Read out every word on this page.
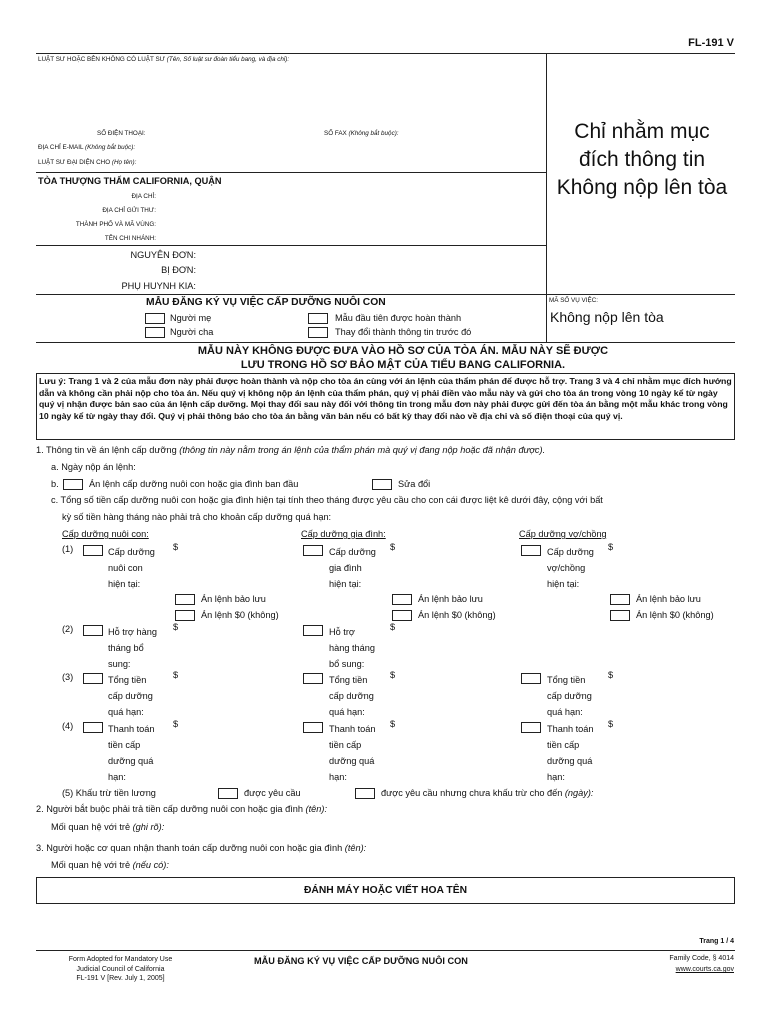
FL-191 V
LUẬT SƯ HOẶC BÊN KHÔNG CÓ LUẬT SƯ (Tên, Số luật sư đoàn tiểu bang, và địa chỉ):
SỐ ĐIỆN THOẠI:	SỐ FAX (Không bắt buộc):
ĐỊA CHỈ E-MAIL (Không bắt buộc):
LUẬT SƯ ĐẠI DIỆN CHO (Họ tên):
TÒA THƯỢNG THẨM CALIFORNIA, QUẬN
ĐỊA CHỈ:
ĐỊA CHỈ GỬI THƯ:
THÀNH PHỐ VÀ MÃ VÙNG:
TÊN CHI NHÁNH:
NGUYÊN ĐƠN:
BỊ ĐƠN:
PHỤ HUYNH KIA:
Chỉ nhằm mục
đích thông tin
Không nộp lên tòa
MÃ SỐ VỤ VIỆC:
Không nộp lên tòa
MẪU ĐĂNG KÝ VỤ VIỆC CẤP DƯỠNG NUÔI CON
Người mẹ
Người cha
Mẫu đầu tiên được hoàn thành
Thay đổi thành thông tin trước đó
MẪU NÀY KHÔNG ĐƯỢC ĐƯA VÀO HỒ SƠ CỦA TÒA ÁN. MẪU NÀY SẼ ĐƯỢC
LƯU TRONG HỒ SƠ BẢO MẬT CỦA TIỂU BANG CALIFORNIA.
Lưu ý: Trang 1 và 2 của mẫu đơn này phải được hoàn thành và nộp cho tòa án cùng với án lệnh của thẩm phán để được hỗ trợ. Trang 3 và 4 chỉ nhằm mục đích hướng dẫn và không cần phải nộp cho tòa án. Nếu quý vị không nộp án lệnh của thẩm phán, quý vị phải điền vào mẫu này và gửi cho tòa án trong vòng 10 ngày kể từ ngày quý vị nhận được bản sao của án lệnh cấp dưỡng. Mọi thay đổi sau này đối với thông tin trong mẫu đơn này phải được gửi đến tòa án bằng một mẫu khác trong vòng 10 ngày kể từ ngày thay đổi. Quý vị phải thông báo cho tòa án bằng văn bản nếu có bất kỳ thay đổi nào về địa chỉ và số điện thoại của quý vị.
1. Thông tin về án lệnh cấp dưỡng (thông tin này nằm trong án lệnh của thẩm phán mà quý vị đang nộp hoặc đã nhận được).
a. Ngày nộp án lệnh:
b.	Án lệnh cấp dưỡng nuôi con hoặc gia đình ban đầu	Sửa đổi
c. Tổng số tiền cấp dưỡng nuôi con hoặc gia đình hiện tại tính theo tháng được yêu cầu cho con cái được liệt kê dưới đây, cộng với bất
kỳ số tiền hàng tháng nào phải trả cho khoản cấp dưỡng quá hạn:
Cấp dưỡng nuôi con:	Cấp dưỡng gia đình:	Cấp dưỡng vợ/chồng
(1)	Cấp dưỡng
nuôi con
hiện tại:
$	Cấp dưỡng
gia đình
hiện tại:
$	Cấp dưỡng
vợ/chồng
hiện tại:
$
Án lệnh bảo lưu
Án lệnh $0 (không)
Án lệnh bảo lưu
Án lệnh $0 (không)
Án lệnh bảo lưu
Án lệnh $0 (không)
(2)	Hỗ trợ hàng
tháng bổ
sung:
$	Hỗ trợ
hàng tháng
bổ sung:
$
(3)	Tổng tiền
cấp dưỡng
quá hạn:
$	Tổng tiền
cấp dưỡng
quá hạn:
$	Tổng tiền
cấp dưỡng
quá hạn:
$
(4)	Thanh toán
tiền cấp
dưỡng quá
hạn:
$	Thanh toán
tiền cấp
dưỡng quá
hạn:
$	Thanh toán
tiền cấp
dưỡng quá
hạn:
$
(5) Khấu trừ tiền lương	được yêu cầu	được yêu cầu nhưng chưa khấu trừ cho đến (ngày):
2. Người bắt buộc phải trả tiền cấp dưỡng nuôi con hoặc gia đình (tên):
Mối quan hệ với trẻ (ghi rõ):
3. Người hoặc cơ quan nhận thanh toán cấp dưỡng nuôi con hoặc gia đình (tên):
Mối quan hệ với trẻ (nếu có):
ĐÁNH MÁY HOẶC VIẾT HOA TÊN
Trang 1 / 4
Form Adopted for Mandatory Use
Judicial Council of California
FL-191 V [Rev. July 1, 2005]
MẪU ĐĂNG KÝ VỤ VIỆC CẤP DƯỠNG NUÔI CON	Family Code, § 4014
www.courts.ca.gov
